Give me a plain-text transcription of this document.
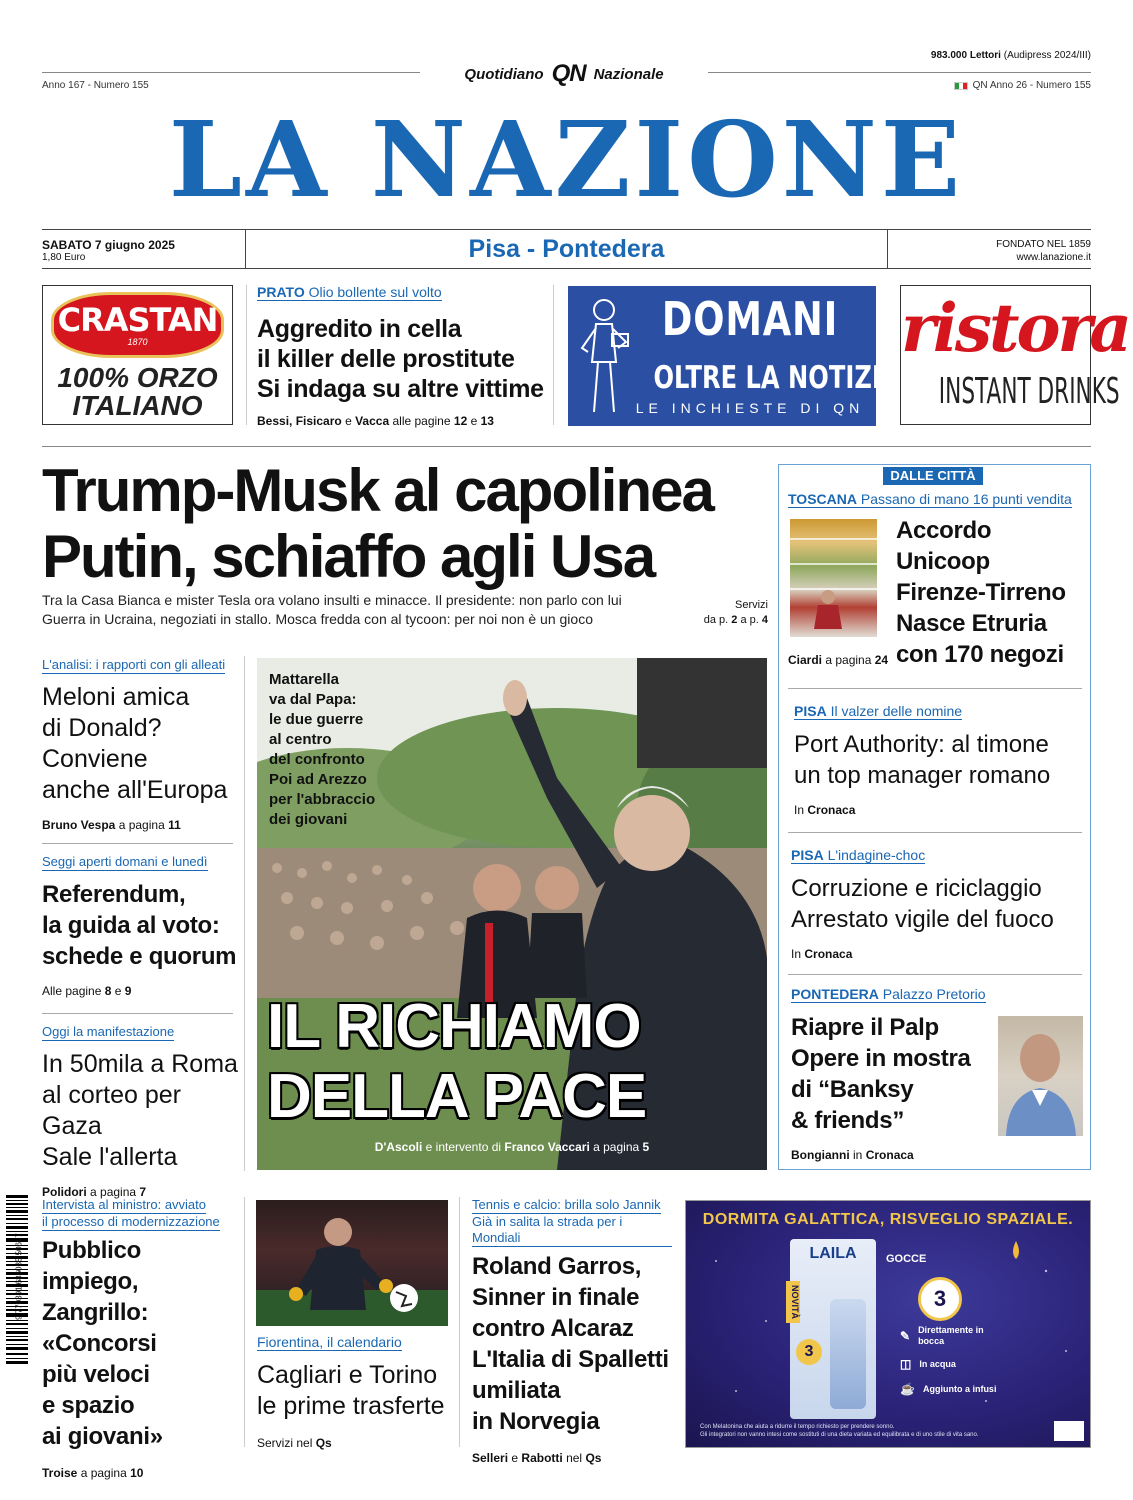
983.000 Lettori (Audipress 2024/III)
Quotidiano QN Nazionale
Anno 167 - Numero 155	QN Anno 26 - Numero 155
LA NAZIONE
SABATO 7 giugno 2025
1,80 Euro	Pisa - Pontedera	FONDATO NEL 1859
www.lanazione.it
CRASTAN
1870
100% ORZO
ITALIANO
PRATO Olio bollente sul volto
Aggredito in cella
il killer delle prostitute
Si indaga su altre vittime
Bessi, Fisicaro e Vacca alle pagine 12 e 13
DOMANI
OLTRE LA NOTIZIA
LE INCHIESTE DI QN
ristora
INSTANT DRINKS
Trump-Musk al capolinea
Putin, schiaffo agli Usa
Tra la Casa Bianca e mister Tesla ora volano insulti e minacce. Il presidente: non parlo con lui
Guerra in Ucraina, negoziati in stallo. Mosca fredda con al tycoon: per noi non è un gioco
Servizi
da p. 2 a p. 4
L'analisi: i rapporti con gli alleati
Meloni amica
di Donald?
Conviene
anche all'Europa
Bruno Vespa a pagina 11
Seggi aperti domani e lunedì
Referendum,
la guida al voto:
schede e quorum
Alle pagine 8 e 9
Oggi la manifestazione
In 50mila a Roma
al corteo per Gaza
Sale l'allerta
Polidori a pagina 7
Mattarella
va dal Papa:
le due guerre
al centro
del confronto
Poi ad Arezzo
per l'abbraccio
dei giovani
IL RICHIAMO
DELLA PACE
D'Ascoli e intervento di Franco Vaccari a pagina 5
DALLE CITTÀ
TOSCANA Passano di mano 16 punti vendita
Accordo Unicoop
Firenze-Tirreno
Nasce Etruria
con 170 negozi
Ciardi a pagina 24
PISA Il valzer delle nomine
Port Authority: al timone
un top manager romano
In Cronaca
PISA L'indagine-choc
Corruzione e riciclaggio
Arrestato vigile del fuoco
In Cronaca
PONTEDERA Palazzo Pretorio
Riapre il Palp
Opere in mostra
di “Banksy
& friends”
Bongianni in Cronaca
9 770391 686085 50607
Intervista al ministro: avviato
il processo di modernizzazione
Pubblico impiego,
Zangrillo:
«Concorsi
più veloci
e spazio
ai giovani»
Troise a pagina 10
Fiorentina, il calendario
Cagliari e Torino
le prime trasferte
Servizi nel Qs
Tennis e calcio: brilla solo Jannik
Già in salita la strada per i Mondiali
Roland Garros,
Sinner in finale
contro Alcaraz
L'Italia di Spalletti
umiliata
in Norvegia
Selleri e Rabotti nel Qs
DORMITA GALATTICA, RISVEGLIO SPAZIALE.
LAILA
3
NOVITÀ
GOCCE
3
✎ Direttamente in bocca
◫ In acqua
☕ Aggiunto a infusi
Con Melatonina che aiuta a ridurre il tempo richiesto per prendere sonno.
Gli integratori non vanno intesi come sostituti di una dieta variata ed equilibrata e di uno stile di vita sano.
